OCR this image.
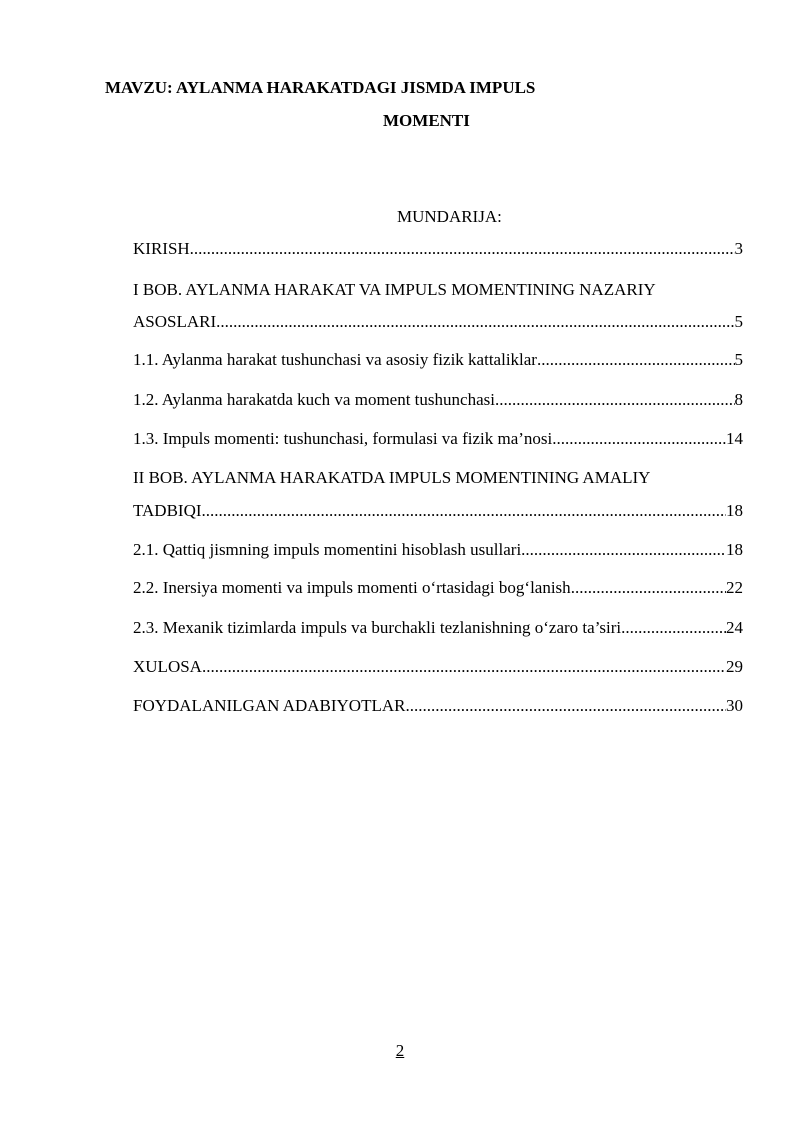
MAVZU: AYLANMA HARAKATDAGI JISMDA IMPULS
MOMENTI
MUNDARIJA:
KIRISH .....	3
I BOB. AYLANMA HARAKAT VA IMPULS MOMENTINING NAZARIY
ASOSLARI .....	5
1.1. Aylanma harakat tushunchasi va asosiy fizik kattaliklar .....	5
1.2. Aylanma harakatda kuch va moment tushunchasi .....	8
1.3. Impuls momenti: tushunchasi, formulasi va fizik ma’nosi .....	14
II BOB. AYLANMA HARAKATDA IMPULS MOMENTINING AMALIY
TADBIQI .....	18
2.1. Qattiq jismning impuls momentini hisoblash usullari .....	18
2.2. Inersiya momenti va impuls momenti o‘rtasidagi bog‘lanish .....	22
2.3. Mexanik tizimlarda impuls va burchakli tezlanishning o‘zaro ta’siri .....	24
XULOSA .....	29
FOYDALANILGAN ADABIYOTLAR .....	30
2
